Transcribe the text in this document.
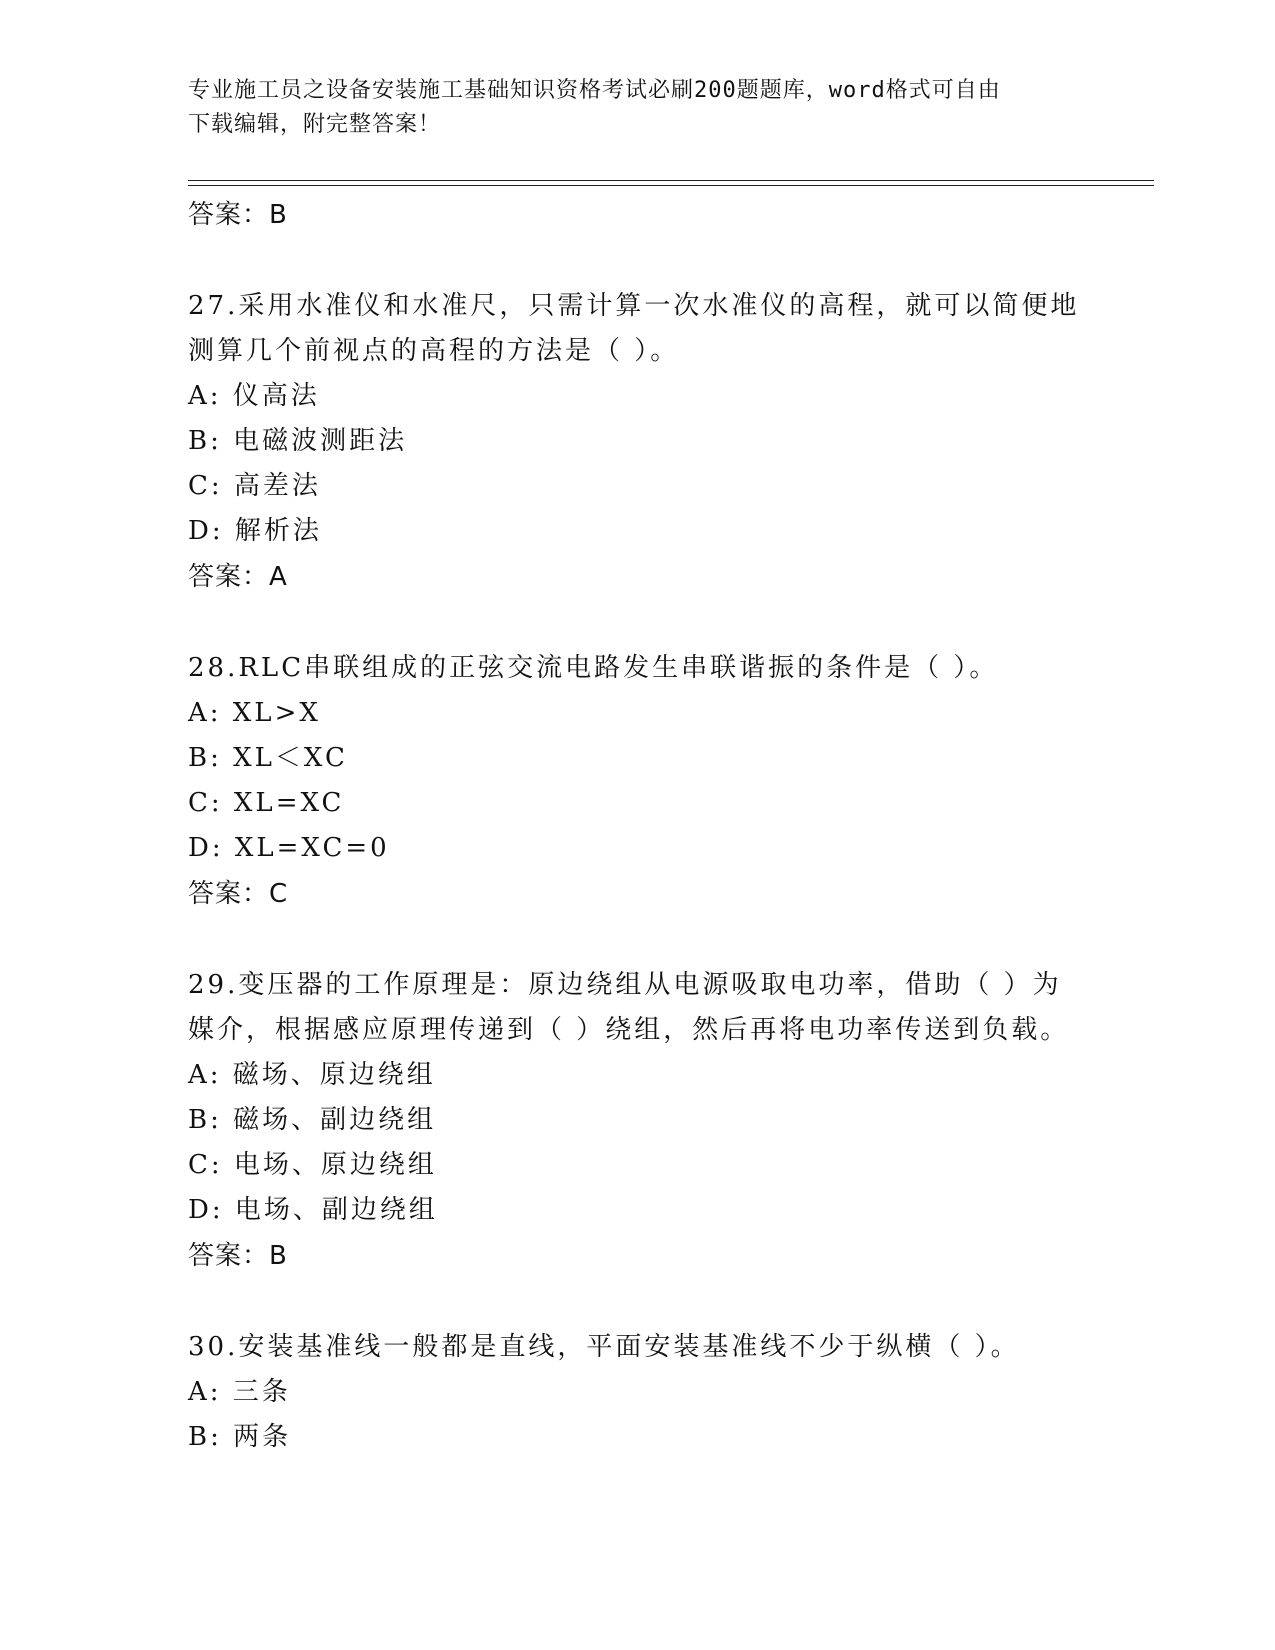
专业施工员之设备安装施工基础知识资格考试必刷200题题库，word格式可自由
下载编辑，附完整答案！
答案：B
27.采用水准仪和水准尺，只需计算一次水准仪的高程，就可以简便地
测算几个前视点的高程的方法是（ ）。
A: 仪高法
B: 电磁波测距法
C: 高差法
D: 解析法
答案：A
28.RLC串联组成的正弦交流电路发生串联谐振的条件是（ ）。
A: XL>X
B: XL＜XC
C: XL=XC
D: XL=XC=0
答案：C
29.变压器的工作原理是：原边绕组从电源吸取电功率，借助（ ）为
媒介，根据感应原理传递到（ ）绕组，然后再将电功率传送到负载。
A: 磁场、原边绕组
B: 磁场、副边绕组
C: 电场、原边绕组
D: 电场、副边绕组
答案：B
30.安装基准线一般都是直线，平面安装基准线不少于纵横（ ）。
A: 三条
B: 两条
